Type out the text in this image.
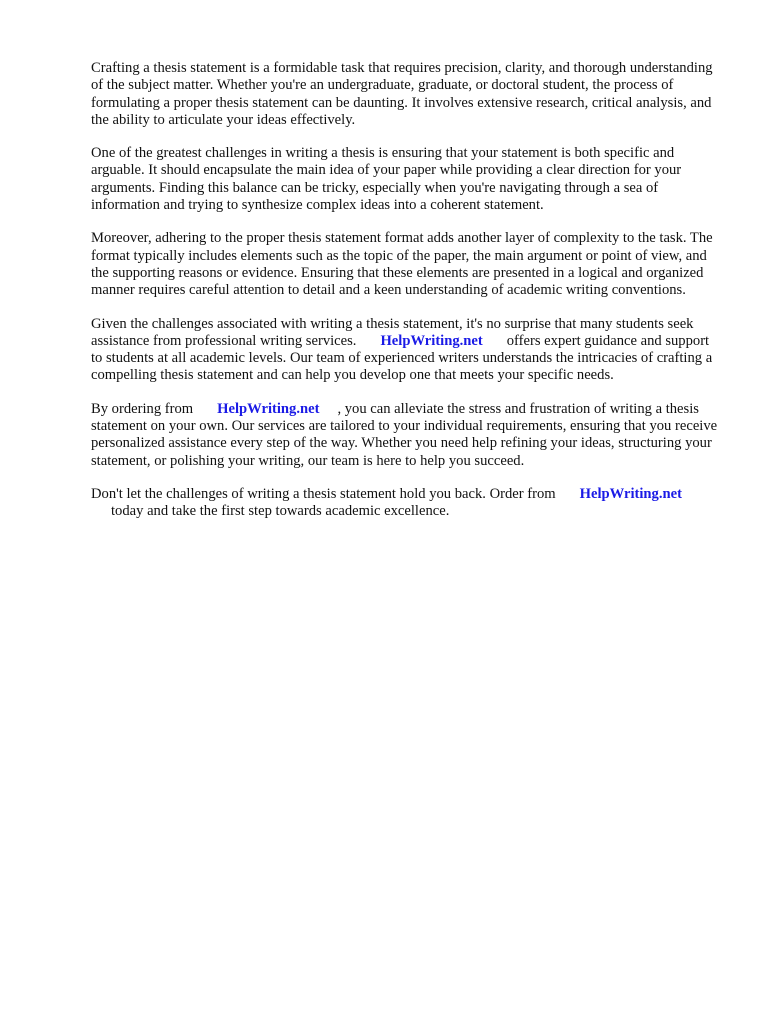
Crafting a thesis statement is a formidable task that requires precision, clarity, and thorough understanding of the subject matter. Whether you're an undergraduate, graduate, or doctoral student, the process of formulating a proper thesis statement can be daunting. It involves extensive research, critical analysis, and the ability to articulate your ideas effectively.

One of the greatest challenges in writing a thesis is ensuring that your statement is both specific and arguable. It should encapsulate the main idea of your paper while providing a clear direction for your arguments. Finding this balance can be tricky, especially when you're navigating through a sea of information and trying to synthesize complex ideas into a coherent statement.

Moreover, adhering to the proper thesis statement format adds another layer of complexity to the task. The format typically includes elements such as the topic of the paper, the main argument or point of view, and the supporting reasons or evidence. Ensuring that these elements are presented in a logical and organized manner requires careful attention to detail and a keen understanding of academic writing conventions.

Given the challenges associated with writing a thesis statement, it's no surprise that many students seek assistance from professional writing services. HelpWriting.net offers expert guidance and support to students at all academic levels. Our team of experienced writers understands the intricacies of crafting a compelling thesis statement and can help you develop one that meets your specific needs.

By ordering from HelpWriting.net , you can alleviate the stress and frustration of writing a thesis statement on your own. Our services are tailored to your individual requirements, ensuring that you receive personalized assistance every step of the way. Whether you need help refining your ideas, structuring your statement, or polishing your writing, our team is here to help you succeed.

Don't let the challenges of writing a thesis statement hold you back. Order from HelpWriting.net
today and take the first step towards academic excellence.
